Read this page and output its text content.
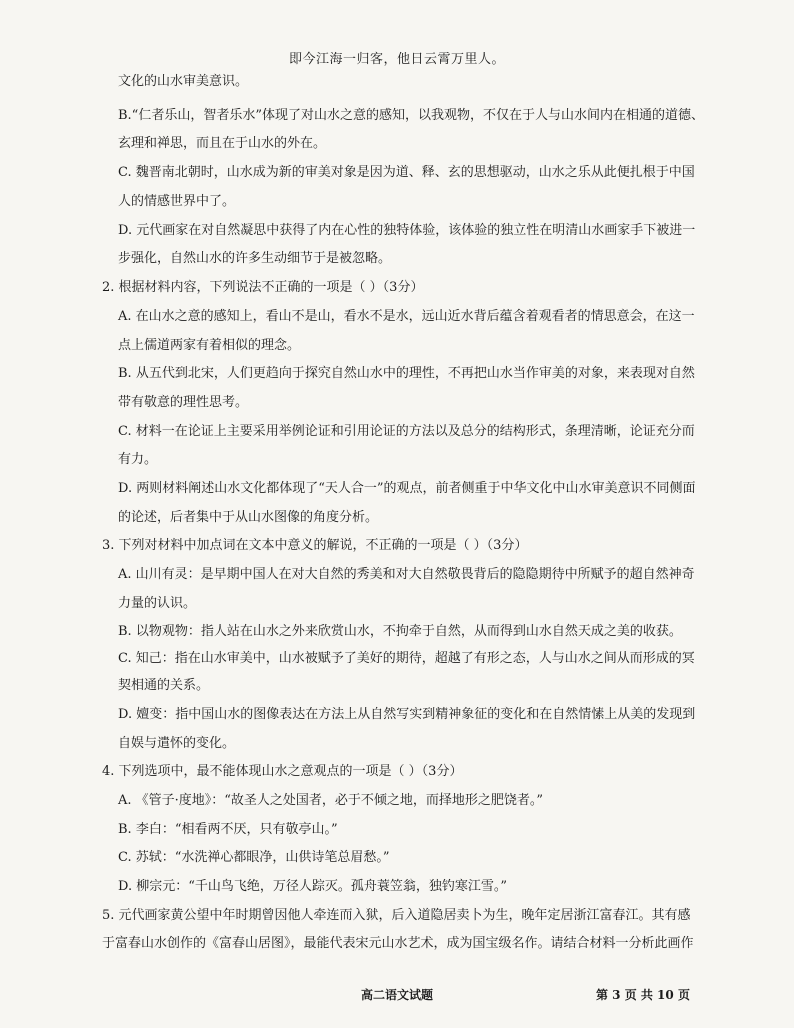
即今江海一归客，他日云霄万里人。
文化的山水审美意识。
B.“仁者乐山，智者乐水”体现了对山水之意的感知，以我观物，不仅在于人与山水间内在相通的道德、
玄理和禅思，而且在于山水的外在。
C. 魏晋南北朝时，山水成为新的审美对象是因为道、释、玄的思想驱动，山水之乐从此便扎根于中国
人的情感世界中了。
D. 元代画家在对自然凝思中获得了内在心性的独特体验，该体验的独立性在明清山水画家手下被进一
步强化，自然山水的许多生动细节于是被忽略。
2. 根据材料内容，下列说法不正确的一项是（ ）（3分）
A. 在山水之意的感知上，看山不是山，看水不是水，远山近水背后蕴含着观看者的情思意会，在这一
点上儒道两家有着相似的理念。
B. 从五代到北宋，人们更趋向于探究自然山水中的理性，不再把山水当作审美的对象，来表现对自然
带有敬意的理性思考。
C. 材料一在论证上主要采用举例论证和引用论证的方法以及总分的结构形式，条理清晰，论证充分而
有力。
D. 两则材料阐述山水文化都体现了“天人合一”的观点，前者侧重于中华文化中山水审美意识不同侧面
的论述，后者集中于从山水图像的角度分析。
3. 下列对材料中加点词在文本中意义的解说，不正确的一项是（ ）（3分）
A. 山川有灵：是早期中国人在对大自然的秀美和对大自然敬畏背后的隐隐期待中所赋予的超自然神奇
力量的认识。
B. 以物观物：指人站在山水之外来欣赏山水，不拘牵于自然，从而得到山水自然天成之美的收获。
C. 知己：指在山水审美中，山水被赋予了美好的期待，超越了有形之态，人与山水之间从而形成的冥
契相通的关系。
D. 嬗变：指中国山水的图像表达在方法上从自然写实到精神象征的变化和在自然情愫上从美的发现到
自娱与遣怀的变化。
4. 下列选项中，最不能体现山水之意观点的一项是（ ）（3分）
A. 《管子·度地》：“故圣人之处国者，必于不倾之地，而择地形之肥饶者。”
B. 李白：“相看两不厌，只有敬亭山。”
C. 苏轼：“水洗禅心都眼净，山供诗笔总眉愁。”
D. 柳宗元：“千山鸟飞绝，万径人踪灭。孤舟蓑笠翁，独钓寒江雪。”
5. 元代画家黄公望中年时期曾因他人牵连而入狱，后入道隐居卖卜为生，晚年定居浙江富春江。其有感
于富春山水创作的《富春山居图》，最能代表宋元山水艺术，成为国宝级名作。请结合材料一分析此画作
高二语文试题	第 3 页 共 10 页
